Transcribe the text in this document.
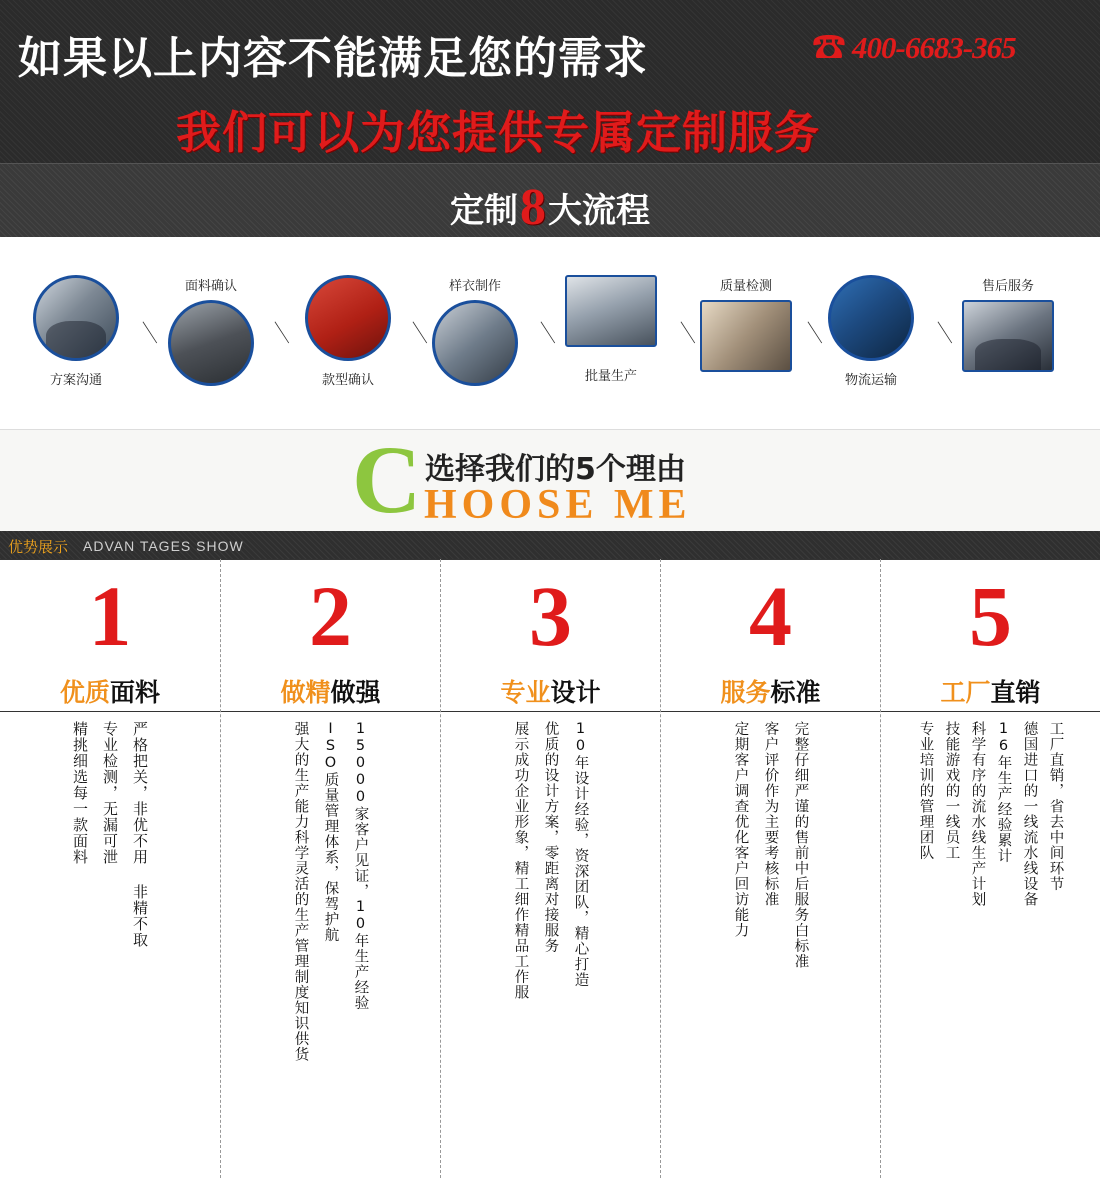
如果以上内容不能满足您的需求	☎ 400-6683-365
我们可以为您提供专属定制服务
定制8大流程
方案沟通
＼
面料确认
＼
款型确认
＼
样衣制作
＼
批量生产
＼
质量检测
＼
物流运输
＼
售后服务
C 选择我们的5个理由
HOOSE ME
优势展示 ADVAN TAGES SHOW
1
优质面料
严格把关，非优不用 非精不取
专业检测，无漏可泄
精挑细选每一款面料
2
做精做强
15000家客户见证，10年生产经验
ISO质量管理体系，保驾护航
强大的生产能力科学灵活的生产管理制度知识供货
3
专业设计
10年设计经验，资深团队，精心打造
优质的设计方案，零距离对接服务
展示成功企业形象，精工细作精品工作服
4
服务标准
完整仔细严谨的售前中后服务白标准
客户评价作为主要考核标准
定期客户调查优化客户回访能力
5
工厂直销
工厂直销，省去中间环节
德国进口的一线流水线设备
16年生产经验累计
科学有序的流水线生产计划
技能游戏的一线员工
专业培训的管理团队
